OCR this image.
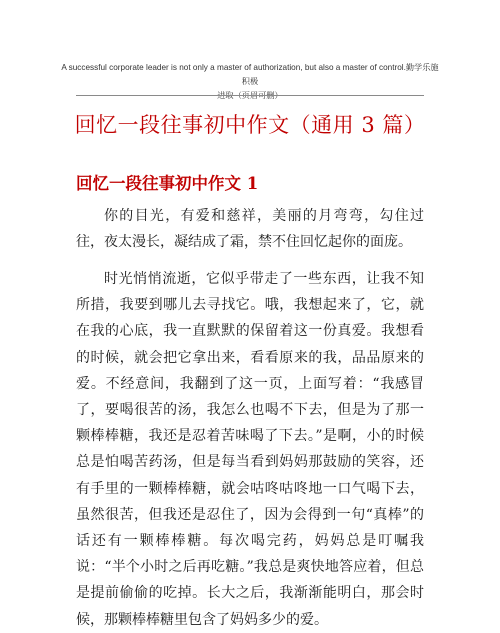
A successful corporate leader is not only a master of authorization, but also a master of control.勤学乐施 积极
进取（页眉可删）
回忆一段往事初中作文（通用 3 篇）
回忆一段往事初中作文 1

你的目光，有爱和慈祥，美丽的月弯弯，勾住过往，夜太漫长，凝结成了霜，禁不住回忆起你的面庞。

时光悄悄流逝，它似乎带走了一些东西，让我不知所措，我要到哪儿去寻找它。哦，我想起来了，它，就在我的心底，我一直默默的保留着这一份真爱。我想看的时候，就会把它拿出来，看看原来的我，品品原来的爱。不经意间，我翻到了这一页，上面写着：“我感冒了，要喝很苦的汤，我怎么也喝不下去，但是为了那一颗棒棒糖，我还是忍着苦味喝了下去。”是啊，小的时候总是怕喝苦药汤，但是每当看到妈妈那鼓励的笑容，还有手里的一颗棒棒糖，就会咕咚咕咚地一口气喝下去，虽然很苦，但我还是忍住了，因为会得到一句“真棒”的话还有一颗棒棒糖。每次喝完药，妈妈总是叮嘱我说：“半个小时之后再吃糖。”我总是爽快地答应着，但总是提前偷偷的吃掉。长大之后，我渐渐能明白，那会时候，那颗棒棒糖里包含了妈妈多少的爱。
